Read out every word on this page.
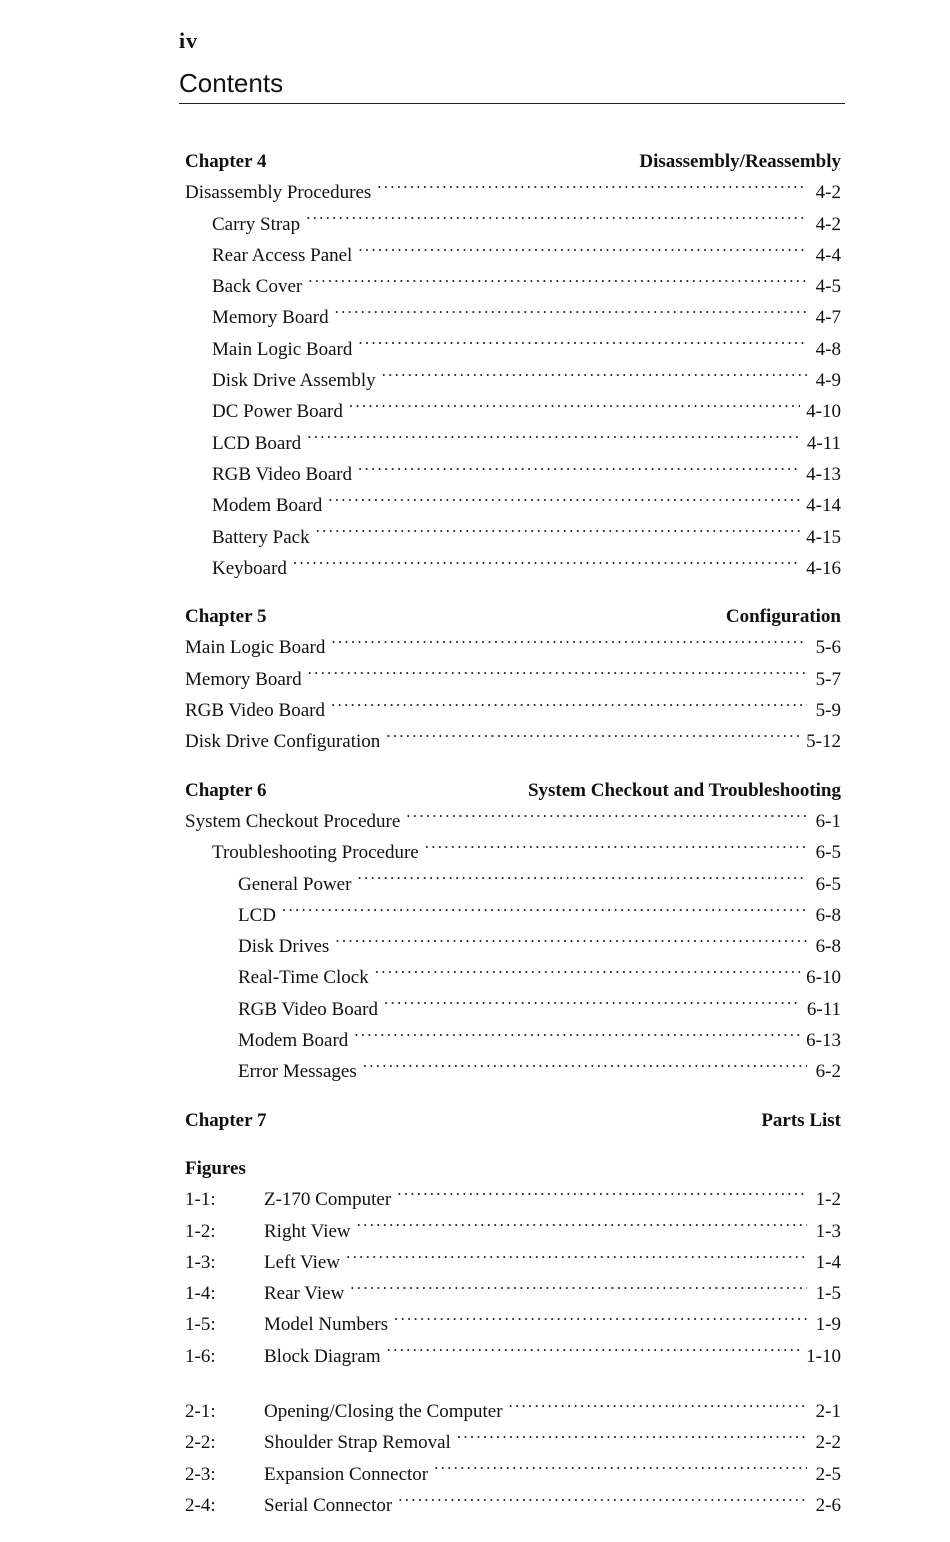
iv
Contents
Chapter 4	Disassembly/Reassembly
Disassembly Procedures . . .	4-2
Carry Strap . . .	4-2
Rear Access Panel . . .	4-4
Back Cover . . .	4-5
Memory Board . . .	4-7
Main Logic Board . . .	4-8
Disk Drive Assembly . . .	4-9
DC Power Board . . .	4-10
LCD Board . . .	4-11
RGB Video Board . . .	4-13
Modem Board . . .	4-14
Battery Pack . . .	4-15
Keyboard . . .	4-16
Chapter 5	Configuration
Main Logic Board . . .	5-6
Memory Board . . .	5-7
RGB Video Board . . .	5-9
Disk Drive Configuration . . .	5-12
Chapter 6	System Checkout and Troubleshooting
System Checkout Procedure . . .	6-1
Troubleshooting Procedure . . .	6-5
General Power . . .	6-5
LCD . . .	6-8
Disk Drives . . .	6-8
Real-Time Clock . . .	6-10
RGB Video Board . . .	6-11
Modem Board . . .	6-13
Error Messages . . .	6-2
Chapter 7	Parts List
Figures
1-1:	Z-170 Computer . . .	1-2
1-2:	Right View . . .	1-3
1-3:	Left View . . .	1-4
1-4:	Rear View . . .	1-5
1-5:	Model Numbers . . .	1-9
1-6:	Block Diagram . . .	1-10
2-1:	Opening/Closing the Computer . . .	2-1
2-2:	Shoulder Strap Removal . . .	2-2
2-3:	Expansion Connector . . .	2-5
2-4:	Serial Connector . . .	2-6
